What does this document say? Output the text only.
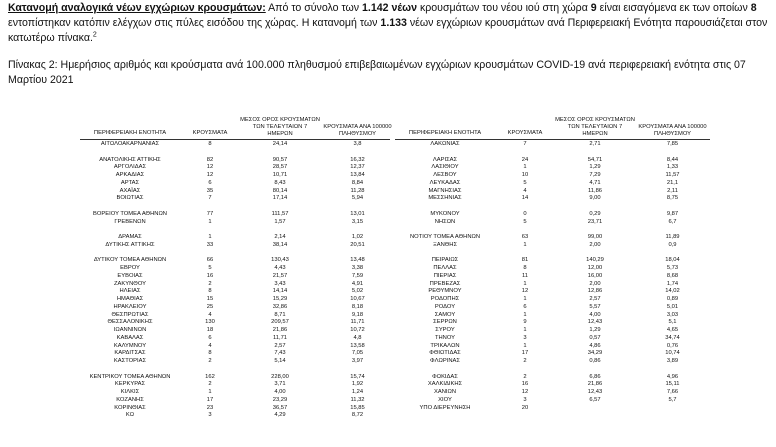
Κατανομή αναλογικά νέων εγχώριων κρουσμάτων: Από το σύνολο των 1.142 νέων κρουσμάτων του νέου ιού στη χώρα 9 είναι εισαγόμενα εκ των οποίων 8 εντοπίστηκαν κατόπιν ελέγχων στις πύλες εισόδου της χώρας. Η κατανομή των 1.133 νέων εγχώριων κρουσμάτων ανά Περιφερειακή Ενότητα παρουσιάζεται στον κατωτέρω πίνακα.$^2$
Πίνακας 2: Ημερήσιος αριθμός και κρούσματα ανά 100.000 πληθυσμού επιβεβαιωμένων εγχώριων κρουσμάτων COVID-19 ανά περιφερειακή ενότητα στις 07 Μαρτίου 2021
ΠΕΡΙΦΕΡΕΙΑΚΗ ΕΝΟΤΗΤΑ	ΚΡΟΥΣΜΑΤΑ
ΜΕΣΟΣ ΟΡΟΣ ΚΡΟΥΣΜΑΤΩΝ
ΤΩΝ ΤΕΛΕΥΤΑΙΩΝ 7
ΗΜΕΡΩΝ
ΚΡΟΥΣΜΑΤΑ ΑΝΑ 100000
ΠΛΗΘΥΣΜΟΥ	ΠΕΡΙΦΕΡΕΙΑΚΗ ΕΝΟΤΗΤΑ	ΚΡΟΥΣΜΑΤΑ
ΜΕΣΟΣ ΟΡΟΣ ΚΡΟΥΣΜΑΤΩΝ
ΤΩΝ ΤΕΛΕΥΤΑΙΩΝ 7
ΗΜΕΡΩΝ
ΚΡΟΥΣΜΑΤΑ ΑΝΑ 100000
ΠΛΗΘΥΣΜΟΥ
ΑΙΤΩΛΟΑΚΑΡΝΑΝΙΑΣ	8	24,14	3,8
ΑΝΑΤΟΛΙΚΗΣ ΑΤΤΙΚΗΣ	82	90,57	16,32
ΑΡΓΟΛΙΔΑΣ	12	28,57	12,37
ΑΡΚΑΔΙΑΣ	12	10,71	13,84
ΑΡΤΑΣ	6	8,43	8,84
ΑΧΑΪΑΣ	35	80,14	11,28
ΒΟΙΩΤΙΑΣ	7	17,14	5,94
ΒΟΡΕΙΟΥ ΤΟΜΕΑ ΑΘΗΝΩΝ	77	111,57	13,01
ΓΡΕΒΕΝΩΝ	1	1,57	3,15
ΔΡΑΜΑΣ	1	2,14	1,02
ΔΥΤΙΚΗΣ ΑΤΤΙΚΗΣ	33	38,14	20,51
ΔΥΤΙΚΟΥ ΤΟΜΕΑ ΑΘΗΝΩΝ	66	130,43	13,48
ΕΒΡΟΥ	5	4,43	3,38
ΕΥΒΟΙΑΣ	16	21,57	7,59
ΖΑΚΥΝΘΟΥ	2	3,43	4,91
ΗΛΕΙΑΣ	8	14,14	5,02
ΗΜΑΘΙΑΣ	15	15,29	10,67
ΗΡΑΚΛΕΙΟΥ	25	32,86	8,18
ΘΕΣΠΡΩΤΙΑΣ	4	8,71	9,18
ΘΕΣΣΑΛΟΝΙΚΗΣ	130	209,57	11,71
ΙΩΑΝΝΙΝΩΝ	18	21,86	10,72
ΚΑΒΑΛΑΣ	6	11,71	4,8
ΚΑΛΥΜΝΟΥ	4	2,57	13,58
ΚΑΡΔΙΤΣΑΣ	8	7,43	7,05
ΚΑΣΤΟΡΙΑΣ	2	5,14	3,97
ΚΕΝΤΡΙΚΟΥ ΤΟΜΕΑ ΑΘΗΝΩΝ	162	228,00	15,74
ΚΕΡΚΥΡΑΣ	2	3,71	1,92
ΚΙΛΚΙΣ	1	4,00	1,24
ΚΟΖΑΝΗΣ	17	23,29	11,32
ΚΟΡΙΝΘΙΑΣ	23	36,57	15,85
ΚΩ	3	4,29	8,72
ΛΑΚΩΝΙΑΣ	7	2,71	7,85
ΛΑΡΙΣΑΣ	24	54,71	8,44
ΛΑΣΙΘΙΟΥ	1	1,29	1,33
ΛΕΣΒΟΥ	10	7,29	11,57
ΛΕΥΚΑΔΑΣ	5	4,71	21,1
ΜΑΓΝΗΣΙΑΣ	4	11,86	2,11
ΜΕΣΣΗΝΙΑΣ	14	9,00	8,75
ΜΥΚΟΝΟΥ	0	0,29	9,87
ΝΗΣΩΝ	5	23,71	6,7
ΝΟΤΙΟΥ ΤΟΜΕΑ ΑΘΗΝΩΝ	63	99,00	11,89
ΞΑΝΘΗΣ	1	2,00	0,9
ΠΕΙΡΑΙΩΣ	81	140,29	18,04
ΠΕΛΛΑΣ	8	12,00	5,73
ΠΙΕΡΙΑΣ	11	16,00	8,68
ΠΡΕΒΕΖΑΣ	1	2,00	1,74
ΡΕΘΥΜΝΟΥ	12	12,86	14,02
ΡΟΔΟΠΗΣ	1	2,57	0,89
ΡΟΔΟΥ	6	5,57	5,01
ΣΑΜΟΥ	1	4,00	3,03
ΣΕΡΡΩΝ	9	12,43	5,1
ΣΥΡΟΥ	1	1,29	4,65
ΤΗΝΟΥ	3	0,57	34,74
ΤΡΙΚΑΛΩΝ	1	4,86	0,76
ΦΘΙΩΤΙΔΑΣ	17	34,29	10,74
ΦΛΩΡΙΝΑΣ	2	0,86	3,89
ΦΩΚΙΔΑΣ	2	6,86	4,96
ΧΑΛΚΙΔΙΚΗΣ	16	21,86	15,11
ΧΑΝΙΩΝ	12	12,43	7,66
ΧΙΟΥ	3	6,57	5,7
ΥΠΟ ΔΙΕΡΕΥΝΗΣΗ	20
